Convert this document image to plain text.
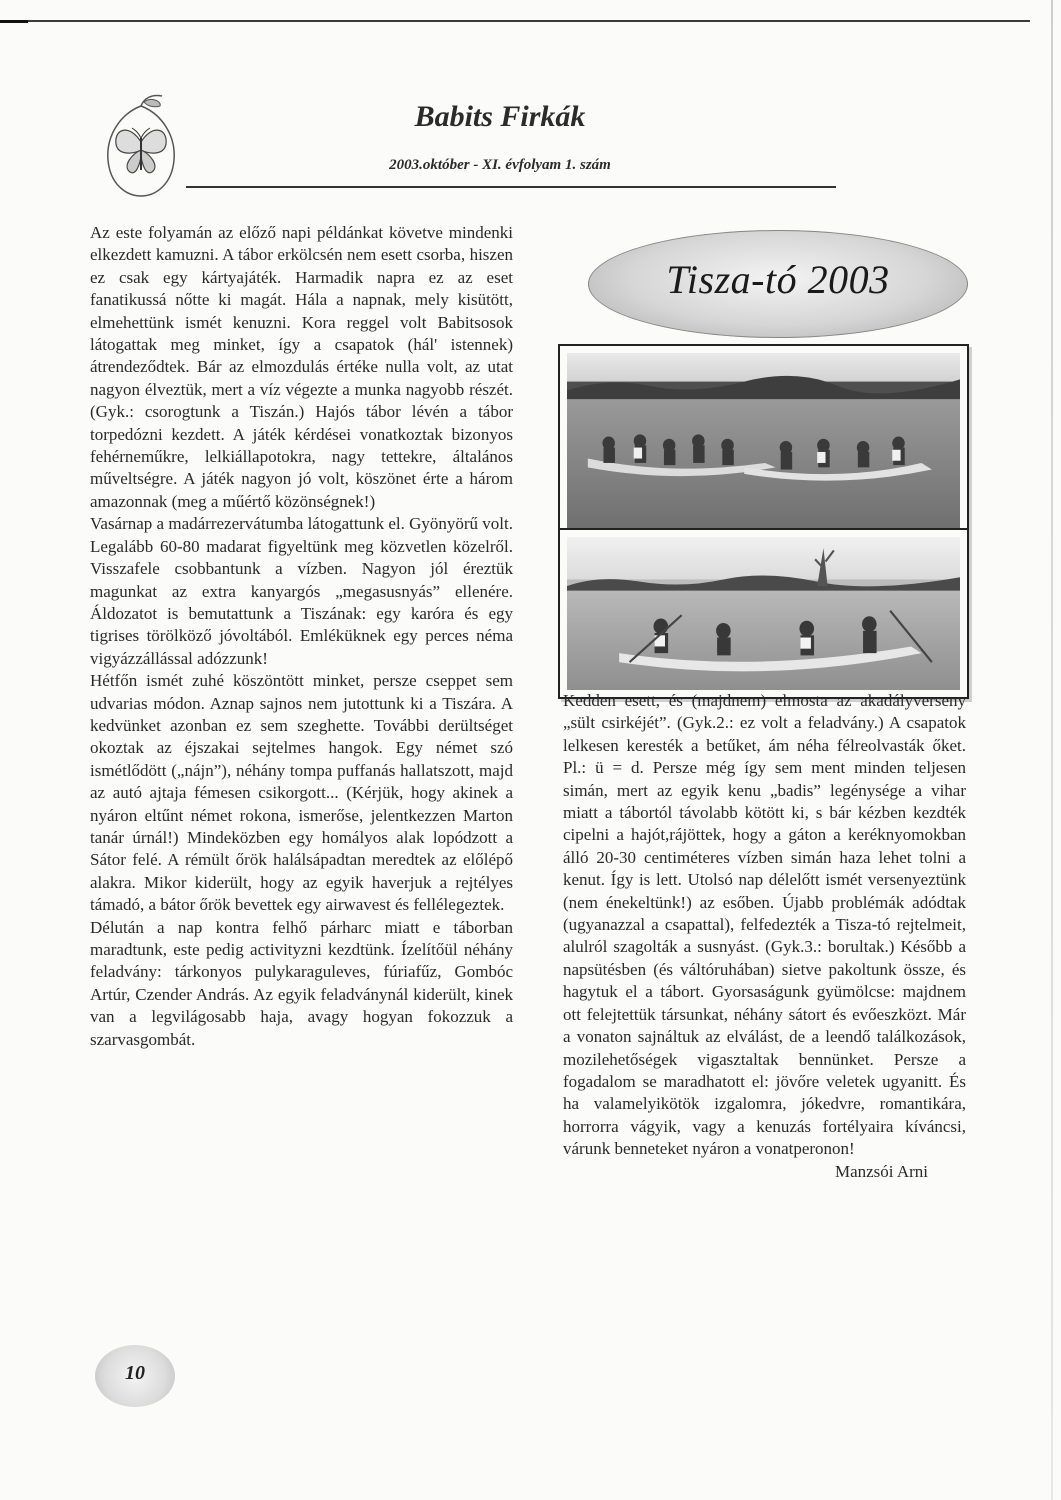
Babits Firkák
2003.október - XI. évfolyam 1. szám

Az este folyamán az előző napi példánkat követve mindenki elkezdett kamuzni. A tábor erkölcsén nem esett csorba, hiszen ez csak egy kártyajáték. Harmadik napra ez az eset fanatikussá nőtte ki magát. Hála a napnak, mely kisütött, elmehettünk ismét kenuzni. Kora reggel volt Babitsosok látogattak meg minket, így a csapatok (hál' istennek) átrendeződtek. Bár az elmozdulás értéke nulla volt, az utat nagyon élveztük, mert a víz végezte a munka nagyobb részét. (Gyk.: csorogtunk a Tiszán.) Hajós tábor lévén a tábor torpedózni kezdett. A játék kérdései vonatkoztak bizonyos fehérneműkre, lelkiállapotokra, nagy tettekre, általános műveltségre. A játék nagyon jó volt, köszönet érte a három amazonnak (meg a műértő közönségnek!)

Vasárnap a madárrezervátumba látogattunk el. Gyönyörű volt. Legalább 60-80 madarat figyeltünk meg közvetlen közelről. Visszafele csobbantunk a vízben. Nagyon jól éreztük magunkat az extra kanyargós „megasusnyás” ellenére. Áldozatot is bemutattunk a Tiszának: egy karóra és egy tigrises törölköző jóvoltából. Emléküknek egy perces néma vigyázzállással adózzunk!

Hétfőn ismét zuhé köszöntött minket, persze cseppet sem udvarias módon. Aznap sajnos nem jutottunk ki a Tiszára. A kedvünket azonban ez sem szeghette. További derültséget okoztak az éjszakai sejtelmes hangok. Egy német szó ismétlődött („nájn”), néhány tompa puffanás hallatszott, majd az autó ajtaja fémesen csikorgott... (Kérjük, hogy akinek a nyáron eltűnt német rokona, ismerőse, jelentkezzen Marton tanár úrnál!) Mindeközben egy homályos alak lopódzott a Sátor felé. A rémült őrök halálsápadtan meredtek az előlépő alakra. Mikor kiderült, hogy az egyik haverjuk a rejtélyes támadó, a bátor őrök bevettek egy airwavest és fellélegeztek.

Délután a nap kontra felhő párharc miatt e táborban maradtunk, este pedig activityzni kezdtünk. Ízelítőül néhány feladvány: tárkonyos pulykaraguleves, fúriafűz, Gombóc Artúr, Czender András. Az egyik feladványnál kiderült, kinek van a legvilágosabb haja, avagy hogyan fokozzuk a szarvasgombát.

Tisza-tó 2003

Kedden esett, és (majdnem) elmosta az akadályverseny „sült csirkéjét”. (Gyk.2.: ez volt a feladvány.) A csapatok lelkesen keresték a betűket, ám néha félreolvasták őket. Pl.: ü = d. Persze még így sem ment minden teljesen simán, mert az egyik kenu „badis” legénysége a vihar miatt a tábortól távolabb kötött ki, s bár kézben kezdték cipelni a hajót,rájöttek, hogy a gáton a keréknyomokban álló 20-30 centiméteres vízben simán haza lehet tolni a kenut. Így is lett. Utolsó nap délelőtt ismét versenyeztünk (nem énekeltünk!) az esőben. Újabb problémák adódtak (ugyanazzal a csapattal), felfedezték a Tisza-tó rejtelmeit, alulról szagolták a susnyást. (Gyk.3.: borultak.) Később a napsütésben (és váltóruhában) sietve pakoltunk össze, és hagytuk el a tábort. Gyorsaságunk gyümölcse: majdnem ott felejtettük társunkat, néhány sátort és evőeszközt. Már a vonaton sajnáltuk az elválást, de a leendő találkozások, mozilehetőségek vigasztaltak bennünket. Persze a fogadalom se maradhatott el: jövőre veletek ugyanitt. És ha valamelyikötök izgalomra, jókedvre, romantikára, horrorra vágyik, vagy a kenuzás fortélyaira kíváncsi, várunk benneteket nyáron a vonatperonon!

Manzsói Arni

10
